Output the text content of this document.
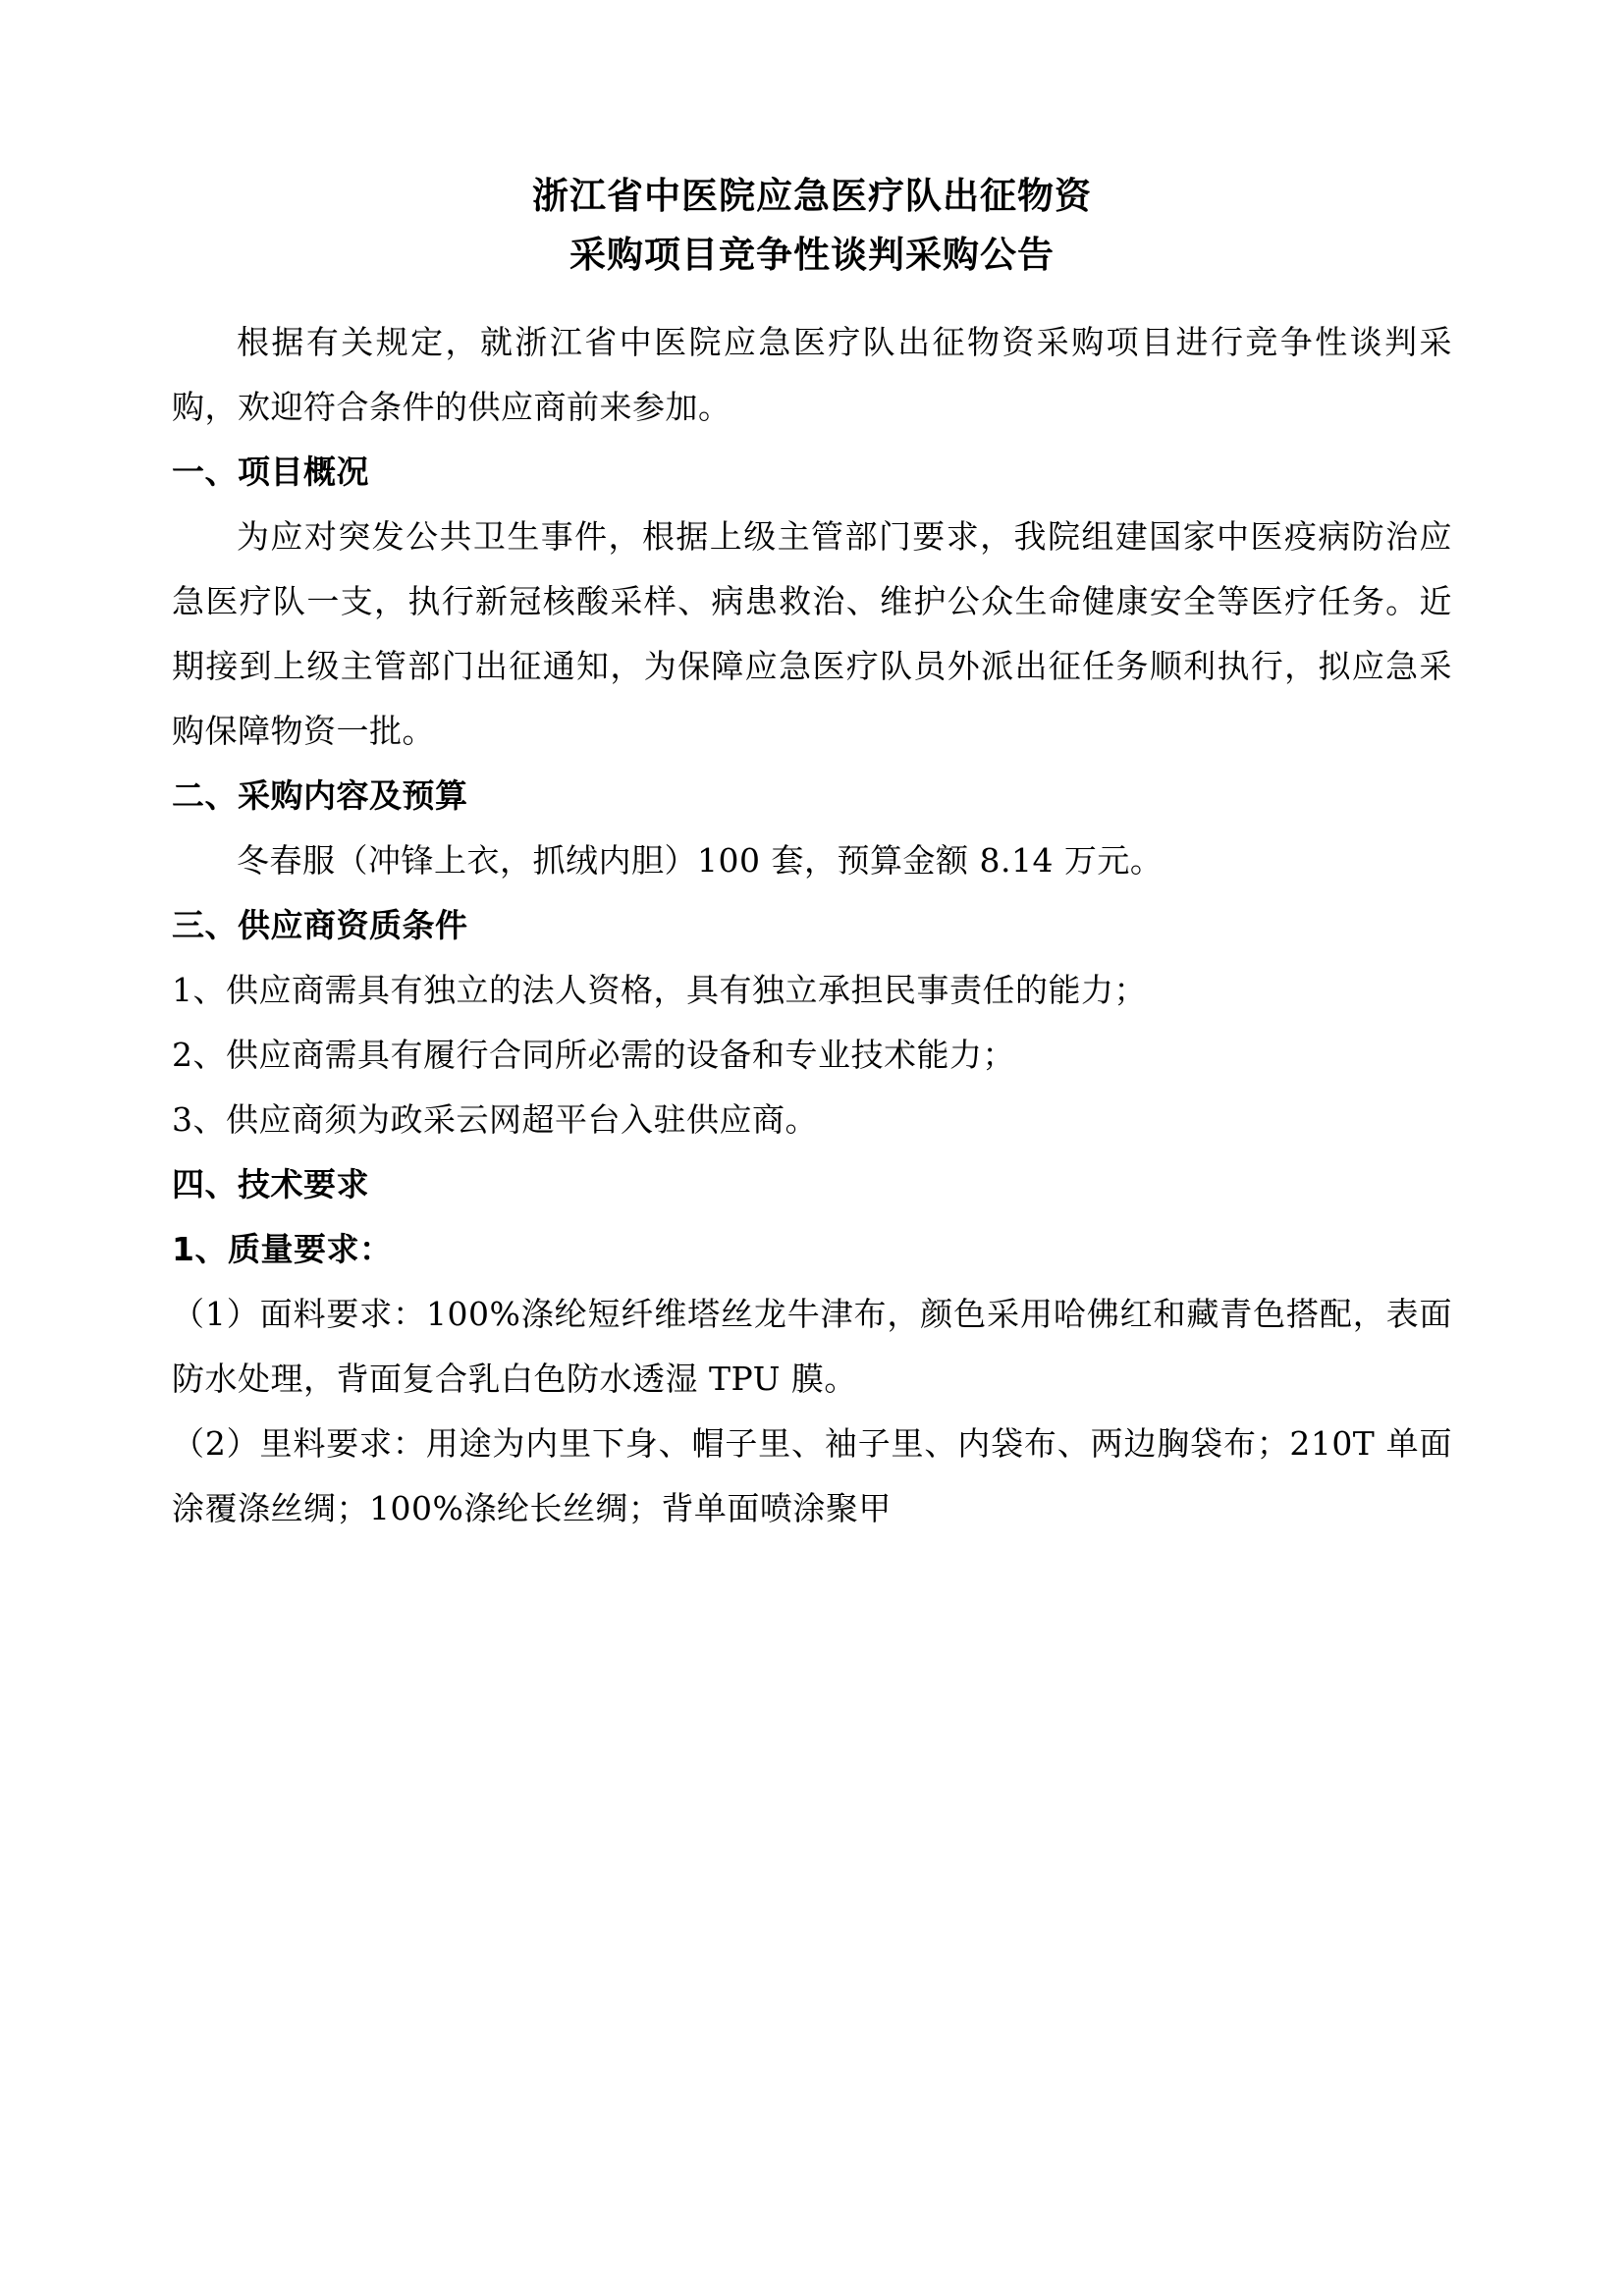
浙江省中医院应急医疗队出征物资
采购项目竞争性谈判采购公告

根据有关规定，就浙江省中医院应急医疗队出征物资采购项目进行竞争性谈判采购，欢迎符合条件的供应商前来参加。

一、项目概况

为应对突发公共卫生事件，根据上级主管部门要求，我院组建国家中医疫病防治应急医疗队一支，执行新冠核酸采样、病患救治、维护公众生命健康安全等医疗任务。近期接到上级主管部门出征通知，为保障应急医疗队员外派出征任务顺利执行，拟应急采购保障物资一批。

二、采购内容及预算

冬春服（冲锋上衣，抓绒内胆）100 套，预算金额 8.14 万元。

三、供应商资质条件

1、供应商需具有独立的法人资格，具有独立承担民事责任的能力；

2、供应商需具有履行合同所必需的设备和专业技术能力；

3、供应商须为政采云网超平台入驻供应商。

四、技术要求

1、质量要求：

（1）面料要求：100%涤纶短纤维塔丝龙牛津布，颜色采用哈佛红和藏青色搭配，表面防水处理，背面复合乳白色防水透湿 TPU 膜。

（2）里料要求：用途为内里下身、帽子里、袖子里、内袋布、两边胸袋布；210T 单面涂覆涤丝绸；100%涤纶长丝绸；背单面喷涂聚甲
